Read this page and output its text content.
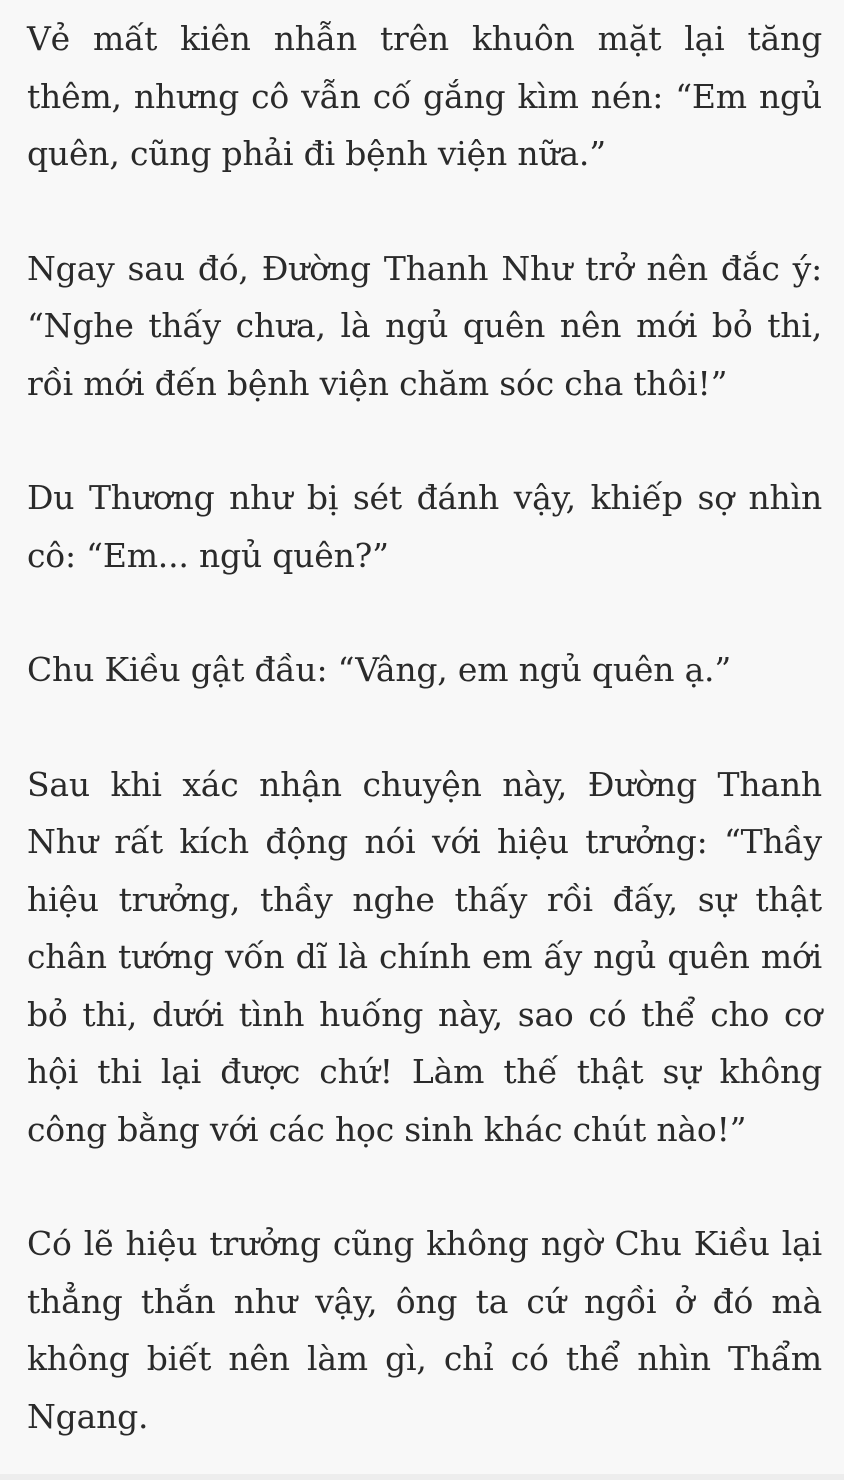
Vẻ mất kiên nhẫn trên khuôn mặt lại tăng thêm, nhưng cô vẫn cố gắng kìm nén: “Em ngủ quên, cũng phải đi bệnh viện nữa.”

Ngay sau đó, Đường Thanh Như trở nên đắc ý: “Nghe thấy chưa, là ngủ quên nên mới bỏ thi, rồi mới đến bệnh viện chăm sóc cha thôi!”

Du Thương như bị sét đánh vậy, khiếp sợ nhìn cô: “Em... ngủ quên?”

Chu Kiều gật đầu: “Vâng, em ngủ quên ạ.”

Sau khi xác nhận chuyện này, Đường Thanh Như rất kích động nói với hiệu trưởng: “Thầy hiệu trưởng, thầy nghe thấy rồi đấy, sự thật chân tướng vốn dĩ là chính em ấy ngủ quên mới bỏ thi, dưới tình huống này, sao có thể cho cơ hội thi lại được chứ! Làm thế thật sự không công bằng với các học sinh khác chút nào!”

Có lẽ hiệu trưởng cũng không ngờ Chu Kiều lại thẳng thắn như vậy, ông ta cứ ngồi ở đó mà không biết nên làm gì, chỉ có thể nhìn Thẩm Ngang.
